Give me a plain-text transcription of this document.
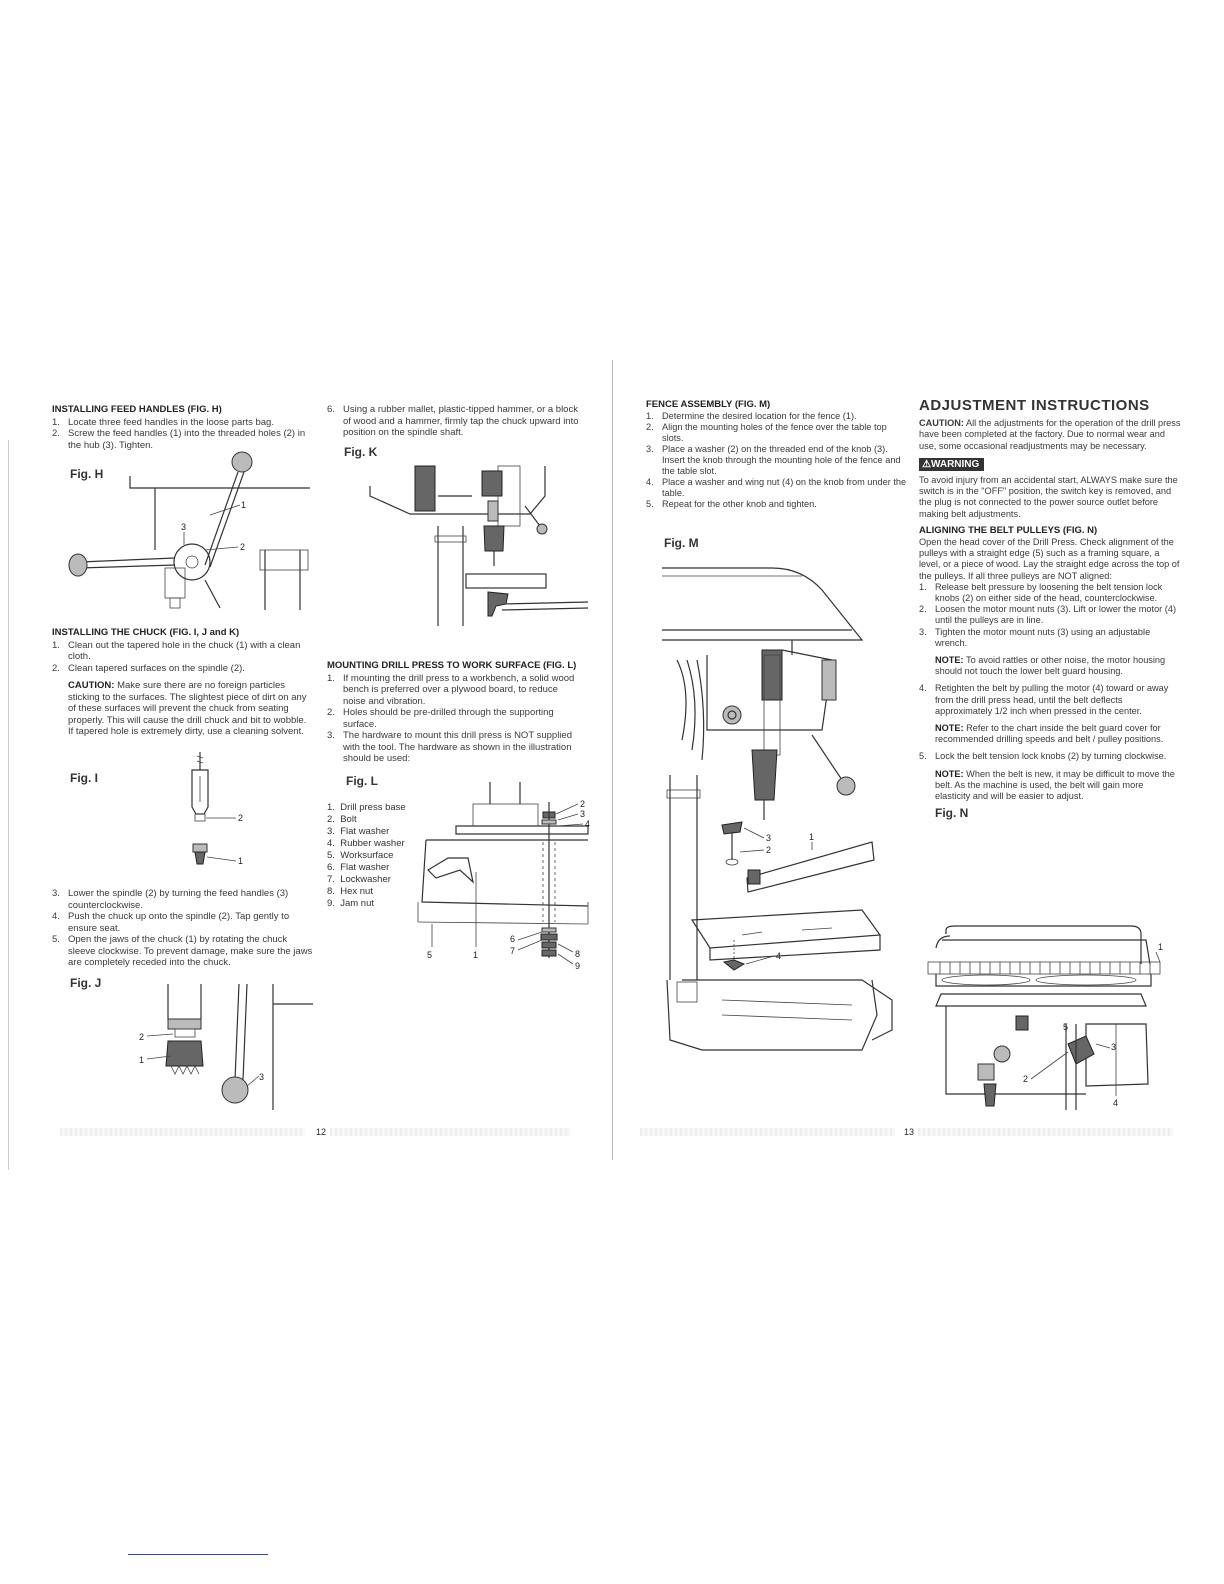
INSTALLING FEED HANDLES (FIG. H)
1. Locate three feed handles in the loose parts bag.
2. Screw the feed handles (1) into the threaded holes (2) in the hub (3). Tighten.
Fig. H
1
2
3
INSTALLING THE CHUCK (FIG. I, J and K)
1. Clean out the tapered hole in the chuck (1) with a clean cloth.
2. Clean tapered surfaces on the spindle (2).
CAUTION: Make sure there are no foreign particles sticking to the surfaces. The slightest piece of dirt on any of these surfaces will prevent the chuck from seating properly. This will cause the drill chuck and bit to wobble. If tapered hole is extremely dirty, use a cleaning solvent.
Fig. I
2
1
3. Lower the spindle (2) by turning the feed handles (3) counterclockwise.
4. Push the chuck up onto the spindle (2). Tap gently to ensure seat.
5. Open the jaws of the chuck (1) by rotating the chuck sleeve clockwise. To prevent damage, make sure the jaws are completely receded into the chuck.
Fig. J
2
1
3
6. Using a rubber mallet, plastic-tipped hammer, or a block of wood and a hammer, firmly tap the chuck upward into position on the spindle shaft.
Fig. K
MOUNTING DRILL PRESS TO WORK SURFACE (FIG. L)
1. If mounting the drill press to a workbench, a solid wood bench is preferred over a plywood board, to reduce noise and vibration.
2. Holes should be pre-drilled through the supporting surface.
3. The hardware to mount this drill press is NOT supplied with the tool. The hardware as shown in the illustration should be used:
Fig. L
1. Drill press base
2. Bolt
3. Flat washer
4. Rubber washer
5. Worksurface
6. Flat washer
7. Lockwasher
8. Hex nut
9. Jam nut
2
3
4
5	1
6
7	8
9
12
FENCE ASSEMBLY (FIG. M)
1. Determine the desired location for the fence (1).
2. Align the mounting holes of the fence over the table top slots.
3. Place a washer (2) on the threaded end of the knob (3). Insert the knob through the mounting hole of the fence and the table slot.
4. Place a washer and wing nut (4) on the knob from under the table.
5. Repeat for the other knob and tighten.
Fig. M
3
2
1
4
13
ADJUSTMENT INSTRUCTIONS
CAUTION: All the adjustments for the operation of the drill press have been completed at the factory. Due to normal wear and use, some occasional readjustments may be necessary.
⚠WARNING
To avoid injury from an accidental start, ALWAYS make sure the switch is in the "OFF" position, the switch key is removed, and the plug is not connected to the power source outlet before making belt adjustments.
ALIGNING THE BELT PULLEYS (FIG. N)
Open the head cover of the Drill Press. Check alignment of the pulleys with a straight edge (5) such as a framing square, a level, or a piece of wood. Lay the straight edge across the top of the pulleys. If all three pulleys are NOT aligned:
1. Release belt pressure by loosening the belt tension lock knobs (2) on either side of the head, counterclockwise.
2. Loosen the motor mount nuts (3). Lift or lower the motor (4) until the pulleys are in line.
3. Tighten the motor mount nuts (3) using an adjustable wrench.
NOTE: To avoid rattles or other noise, the motor housing should not touch the lower belt guard housing.
4. Retighten the belt by pulling the motor (4) toward or away from the drill press head, until the belt deflects approximately 1/2 inch when pressed in the center.
NOTE: Refer to the chart inside the belt guard cover for recommended drilling speeds and belt / pulley positions.
5. Lock the belt tension lock knobs (2) by turning clockwise.
NOTE: When the belt is new, it may be difficult to move the belt. As the machine is used, the belt will gain more elasticity and will be easier to adjust.
Fig. N
1
5
3
2
4
